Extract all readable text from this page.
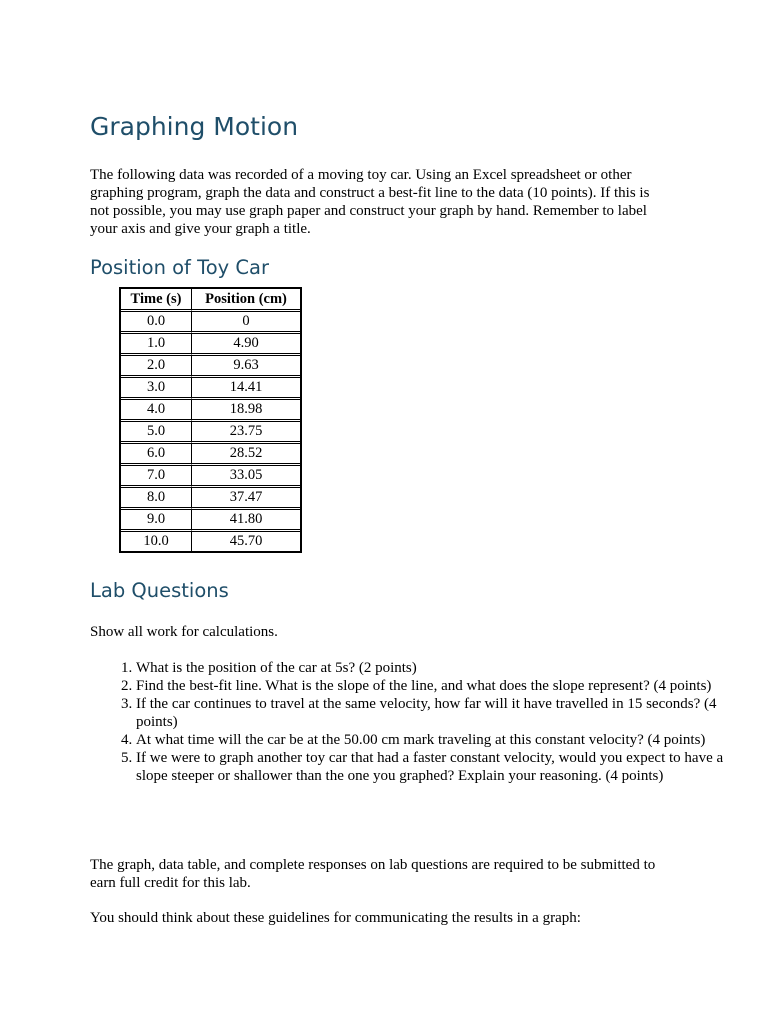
Graphing Motion

The following data was recorded of a moving toy car. Using an Excel spreadsheet or other graphing program, graph the data and construct a best-fit line to the data (10 points). If this is not possible, you may use graph paper and construct your graph by hand. Remember to label your axis and give your graph a title.

Position of Toy Car
Time (s)	Position (cm)
0.0	0
1.0	4.90
2.0	9.63
3.0	14.41
4.0	18.98
5.0	23.75
6.0	28.52
7.0	33.05
8.0	37.47
9.0	41.80
10.0	45.70
Lab Questions

Show all work for calculations.

1. What is the position of the car at 5s? (2 points)
2. Find the best-fit line. What is the slope of the line, and what does the slope represent? (4 points)
3. If the car continues to travel at the same velocity, how far will it have travelled in 15 seconds? (4 points)
4. At what time will the car be at the 50.00 cm mark traveling at this constant velocity? (4 points)
5. If we were to graph another toy car that had a faster constant velocity, would you expect to have a slope steeper or shallower than the one you graphed? Explain your reasoning. (4 points)

The graph, data table, and complete responses on lab questions are required to be submitted to earn full credit for this lab.

You should think about these guidelines for communicating the results in a graph:
